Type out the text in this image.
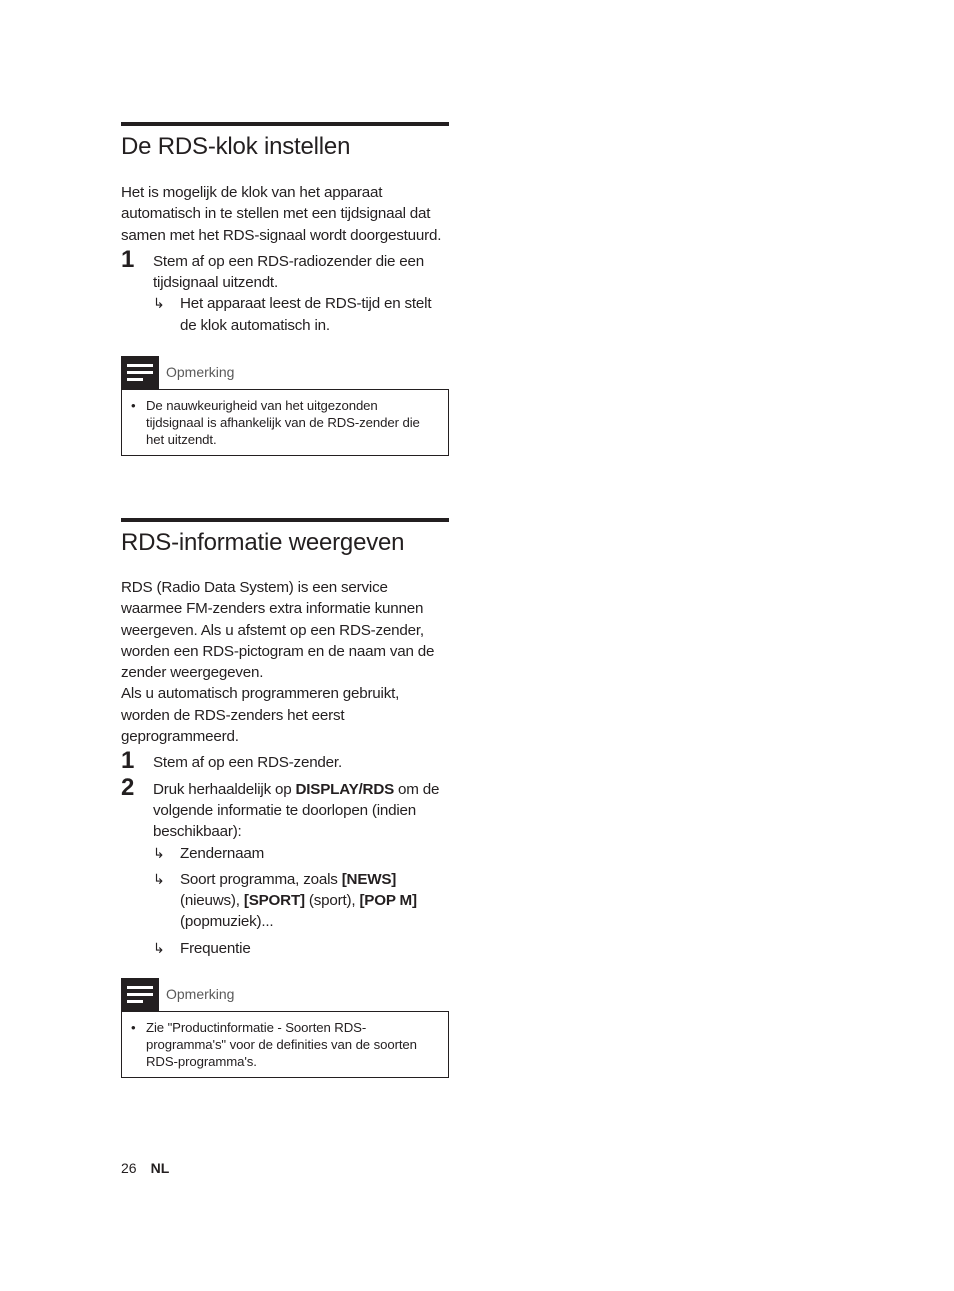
De RDS-klok instellen

Het is mogelijk de klok van het apparaat automatisch in te stellen met een tijdsignaal dat samen met het RDS-signaal wordt doorgestuurd.

1 Stem af op een RDS-radiozender die een tijdsignaal uitzendt.
↳ Het apparaat leest de RDS-tijd en stelt de klok automatisch in.
Opmerking
• De nauwkeurigheid van het uitgezonden tijdsignaal is afhankelijk van de RDS-zender die het uitzendt.
RDS-informatie weergeven

RDS (Radio Data System) is een service waarmee FM-zenders extra informatie kunnen weergeven. Als u afstemt op een RDS-zender, worden een RDS-pictogram en de naam van de zender weergegeven.

Als u automatisch programmeren gebruikt, worden de RDS-zenders het eerst geprogrammeerd.

1 Stem af op een RDS-zender.
2 Druk herhaaldelijk op DISPLAY/RDS om de volgende informatie te doorlopen (indien beschikbaar):
↳ Zendernaam
↳ Soort programma, zoals [NEWS] (nieuws), [SPORT] (sport), [POP M] (popmuziek)...
↳ Frequentie
Opmerking
• Zie "Productinformatie - Soorten RDS-programma's" voor de definities van de soorten RDS-programma's.
26 NL
